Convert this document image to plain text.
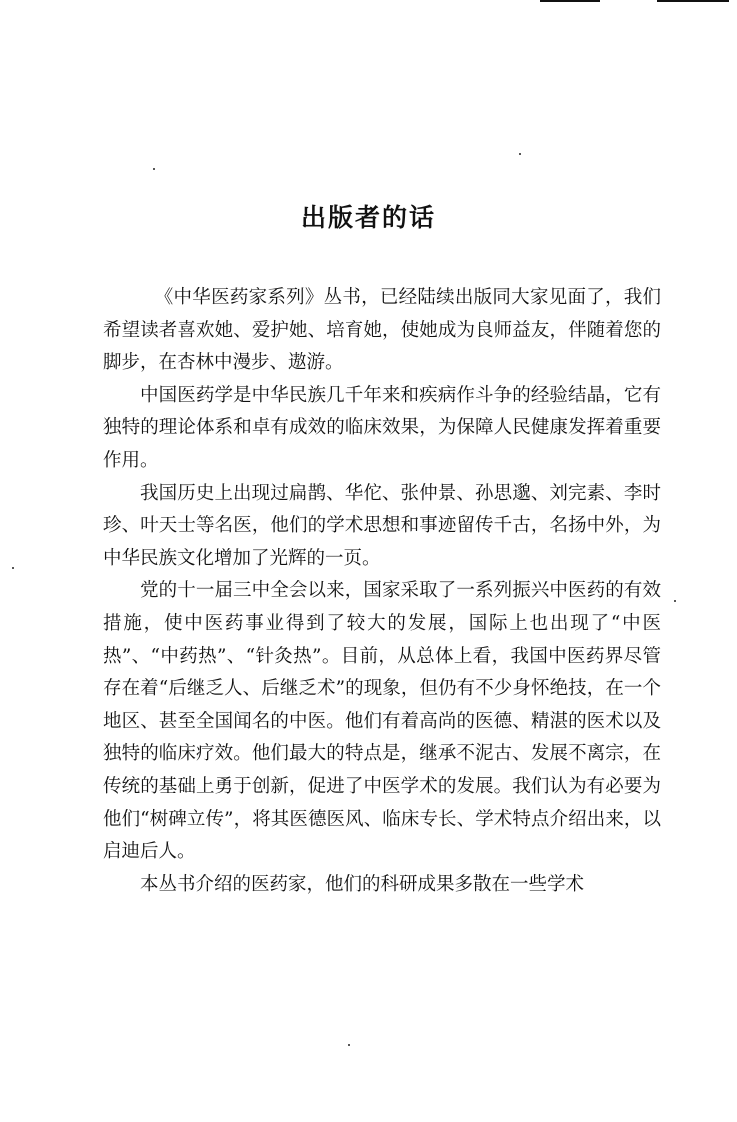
出版者的话

《中华医药家系列》丛书，已经陆续出版同大家见面了，我们希望读者喜欢她、爱护她、培育她，使她成为良师益友，伴随着您的脚步，在杏林中漫步、遨游。

中国医药学是中华民族几千年来和疾病作斗争的经验结晶，它有独特的理论体系和卓有成效的临床效果，为保障人民健康发挥着重要作用。

我国历史上出现过扁鹊、华佗、张仲景、孙思邈、刘完素、李时珍、叶天士等名医，他们的学术思想和事迹留传千古，名扬中外，为中华民族文化增加了光辉的一页。

党的十一届三中全会以来，国家采取了一系列振兴中医药的有效措施，使中医药事业得到了较大的发展，国际上也出现了“中医热”、“中药热”、“针灸热”。目前，从总体上看，我国中医药界尽管存在着“后继乏人、后继乏术”的现象，但仍有不少身怀绝技，在一个地区、甚至全国闻名的中医。他们有着高尚的医德、精湛的医术以及独特的临床疗效。他们最大的特点是，继承不泥古、发展不离宗，在传统的基础上勇于创新，促进了中医学术的发展。我们认为有必要为他们“树碑立传”，将其医德医风、临床专长、学术特点介绍出来，以启迪后人。

本丛书介绍的医药家，他们的科研成果多散在一些学术
